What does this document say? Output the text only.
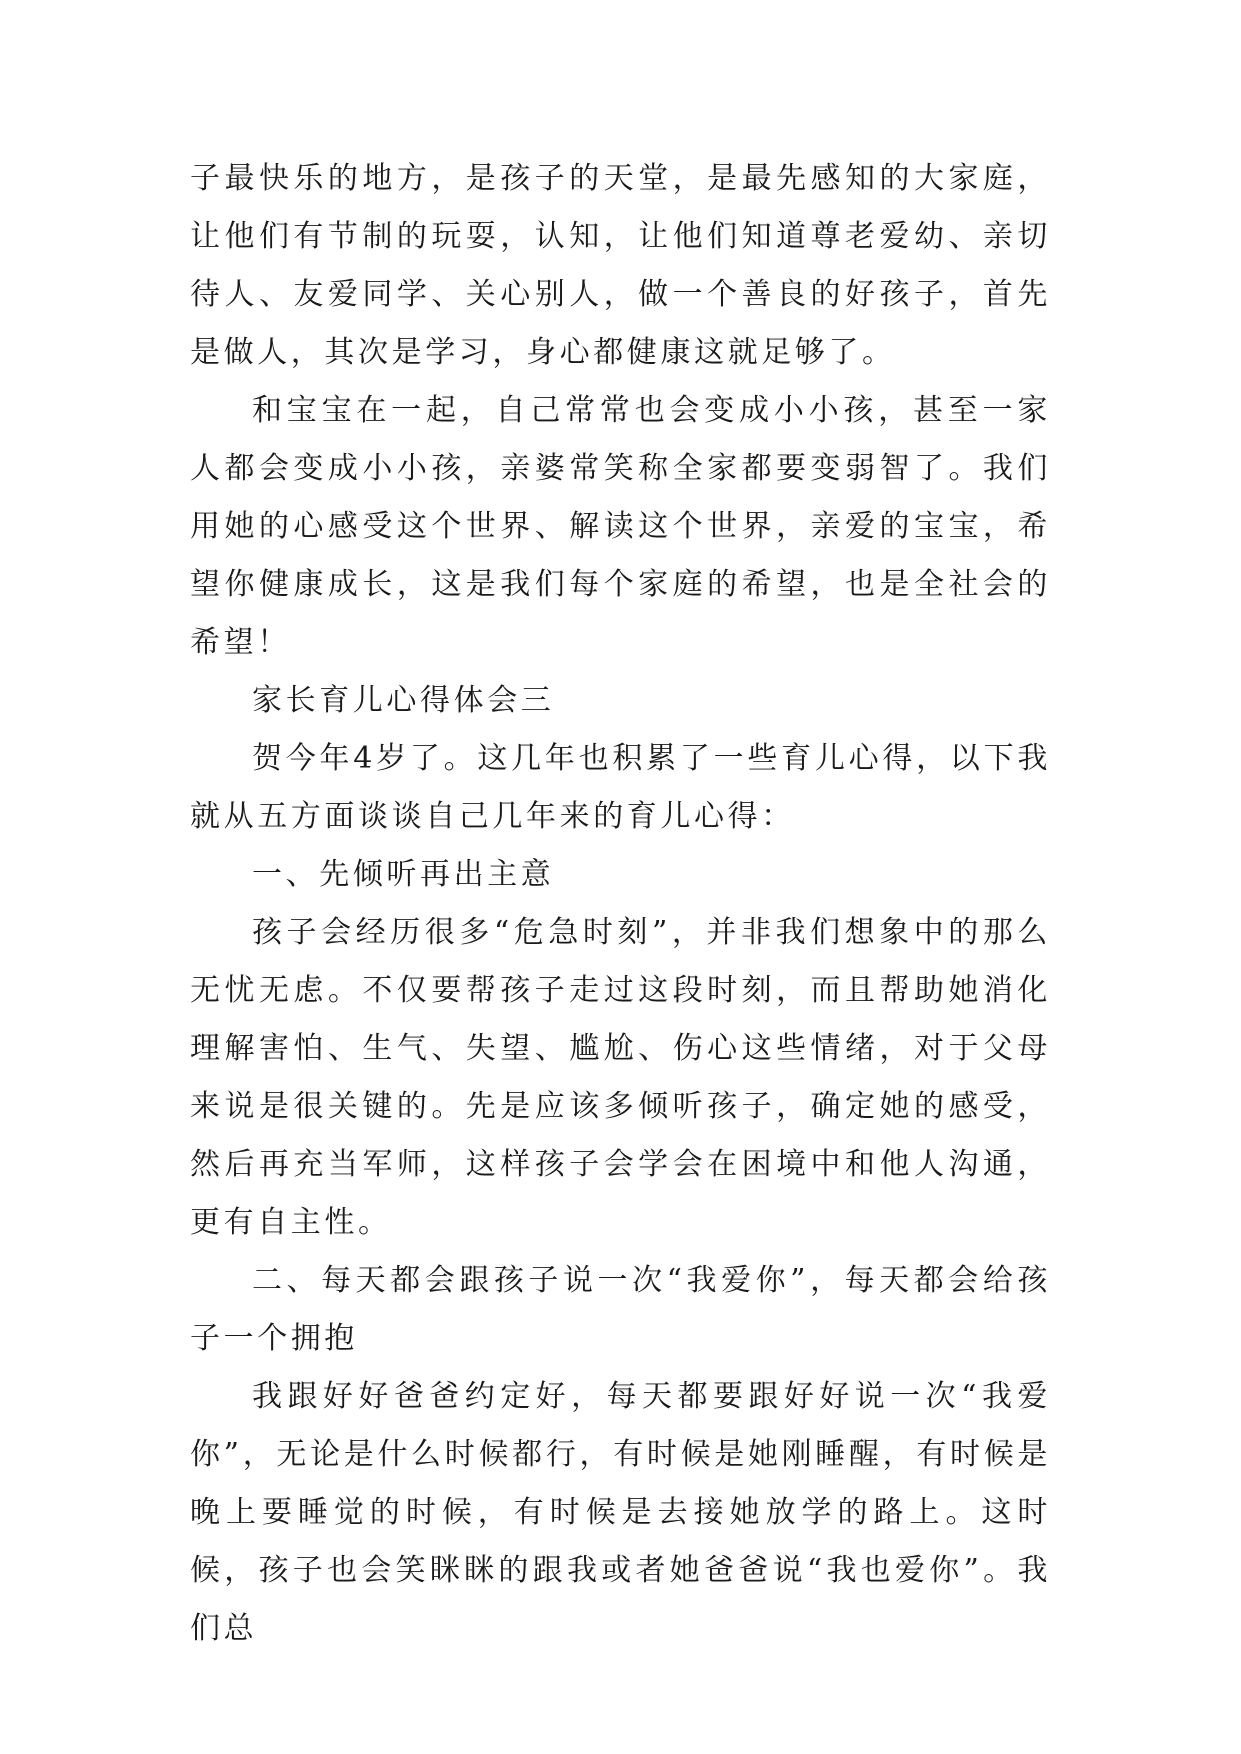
子最快乐的地方，是孩子的天堂，是最先感知的大家庭，让他们有节制的玩耍，认知，让他们知道尊老爱幼、亲切待人、友爱同学、关心别人，做一个善良的好孩子，首先是做人，其次是学习，身心都健康这就足够了。

和宝宝在一起，自己常常也会变成小小孩，甚至一家人都会变成小小孩，亲婆常笑称全家都要变弱智了。我们用她的心感受这个世界、解读这个世界，亲爱的宝宝，希望你健康成长，这是我们每个家庭的希望，也是全社会的希望！

家长育儿心得体会三

贺今年4岁了。这几年也积累了一些育儿心得，以下我就从五方面谈谈自己几年来的育儿心得：

一、先倾听再出主意

孩子会经历很多“危急时刻”，并非我们想象中的那么无忧无虑。不仅要帮孩子走过这段时刻，而且帮助她消化理解害怕、生气、失望、尴尬、伤心这些情绪，对于父母来说是很关键的。先是应该多倾听孩子，确定她的感受，然后再充当军师，这样孩子会学会在困境中和他人沟通，更有自主性。

二、每天都会跟孩子说一次“我爱你”，每天都会给孩子一个拥抱

我跟好好爸爸约定好，每天都要跟好好说一次“我爱你”，无论是什么时候都行，有时候是她刚睡醒，有时候是晚上要睡觉的时候，有时候是去接她放学的路上。这时候，孩子也会笑眯眯的跟我或者她爸爸说“我也爱你”。我们总
